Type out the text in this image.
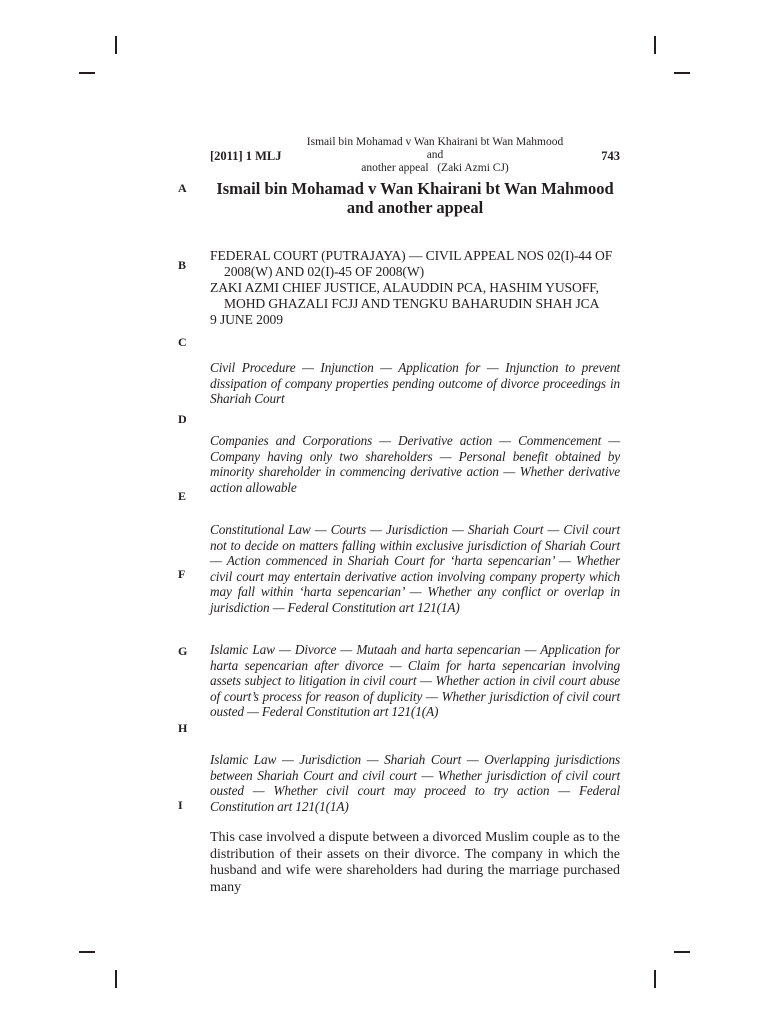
[2011] 1 MLJ
Ismail bin Mohamad v Wan Khairani bt Wan Mahmood and
another appeal   (Zaki Azmi CJ)
743
A
B
C
D
E
F
G
H
I
Ismail bin Mohamad v Wan Khairani bt Wan Mahmood and another appeal
FEDERAL COURT (PUTRAJAYA) — CIVIL APPEAL NOS 02(I)-44 OF
2008(W) AND 02(I)-45 OF 2008(W)
ZAKI AZMI CHIEF JUSTICE, ALAUDDIN PCA, HASHIM YUSOFF,
MOHD GHAZALI FCJJ AND TENGKU BAHARUDIN SHAH JCA
9 JUNE 2009
Civil Procedure — Injunction — Application for — Injunction to prevent dissipation of company properties pending outcome of divorce proceedings in Shariah Court
Companies and Corporations — Derivative action — Commencement — Company having only two shareholders — Personal benefit obtained by minority shareholder in commencing derivative action — Whether derivative action allowable
Constitutional Law — Courts — Jurisdiction — Shariah Court — Civil court not to decide on matters falling within exclusive jurisdiction of Shariah Court — Action commenced in Shariah Court for ‘harta sepencarian’ — Whether civil court may entertain derivative action involving company property which may fall within ‘harta sepencarian’ — Whether any conflict or overlap in jurisdiction — Federal Constitution art 121(1A)
Islamic Law — Divorce — Mutaah and harta sepencarian — Application for harta sepencarian after divorce — Claim for harta sepencarian involving assets subject to litigation in civil court — Whether action in civil court abuse of court’s process for reason of duplicity — Whether jurisdiction of civil court ousted — Federal Constitution art 121(1(A)
Islamic Law — Jurisdiction — Shariah Court — Overlapping jurisdictions between Shariah Court and civil court — Whether jurisdiction of civil court ousted — Whether civil court may proceed to try action — Federal Constitution art 121(1(1A)
This case involved a dispute between a divorced Muslim couple as to the distribution of their assets on their divorce. The company in which the husband and wife were shareholders had during the marriage purchased many
